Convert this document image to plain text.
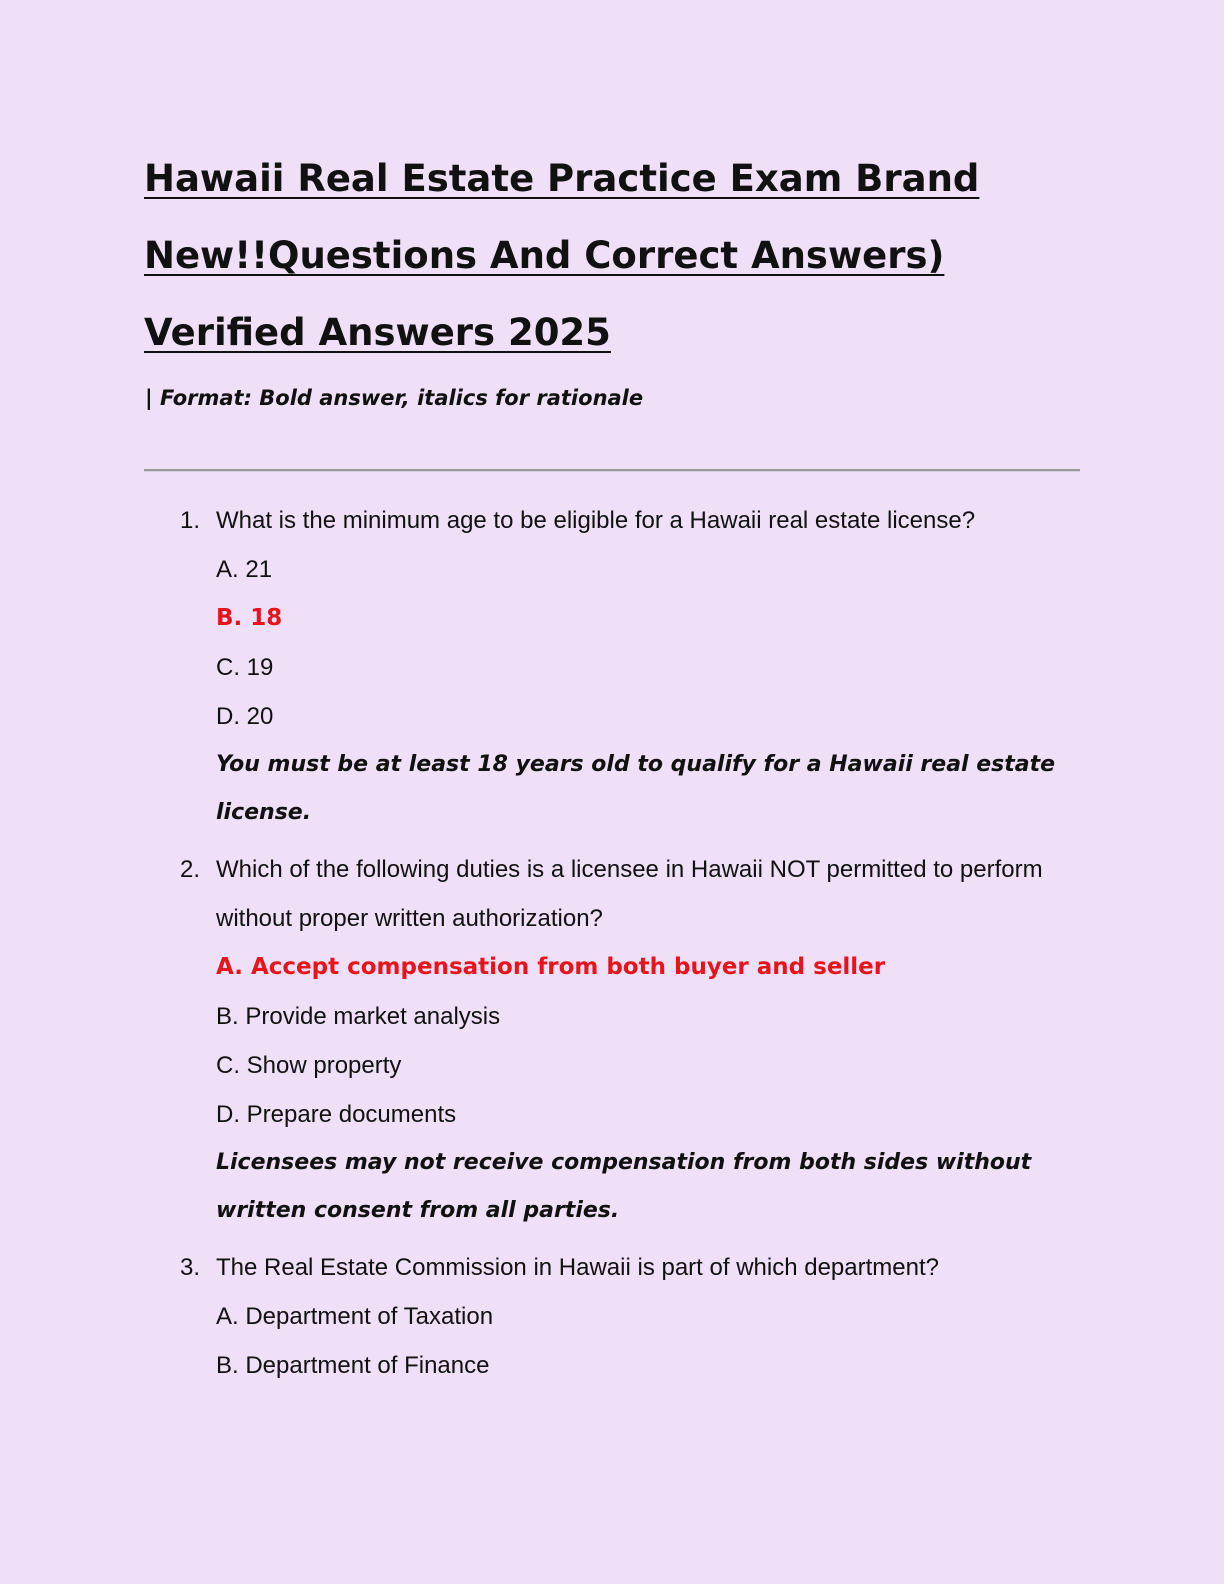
Hawaii Real Estate Practice Exam Brand
New!!Questions And Correct Answers)
Verified Answers 2025
| Format: Bold answer, italics for rationale
1. What is the minimum age to be eligible for a Hawaii real estate license?
A. 21
B. 18
C. 19
D. 20
You must be at least 18 years old to qualify for a Hawaii real estate license.
2. Which of the following duties is a licensee in Hawaii NOT permitted to perform without proper written authorization?
A. Accept compensation from both buyer and seller
B. Provide market analysis
C. Show property
D. Prepare documents
Licensees may not receive compensation from both sides without written consent from all parties.
3. The Real Estate Commission in Hawaii is part of which department?
A. Department of Taxation
B. Department of Finance
